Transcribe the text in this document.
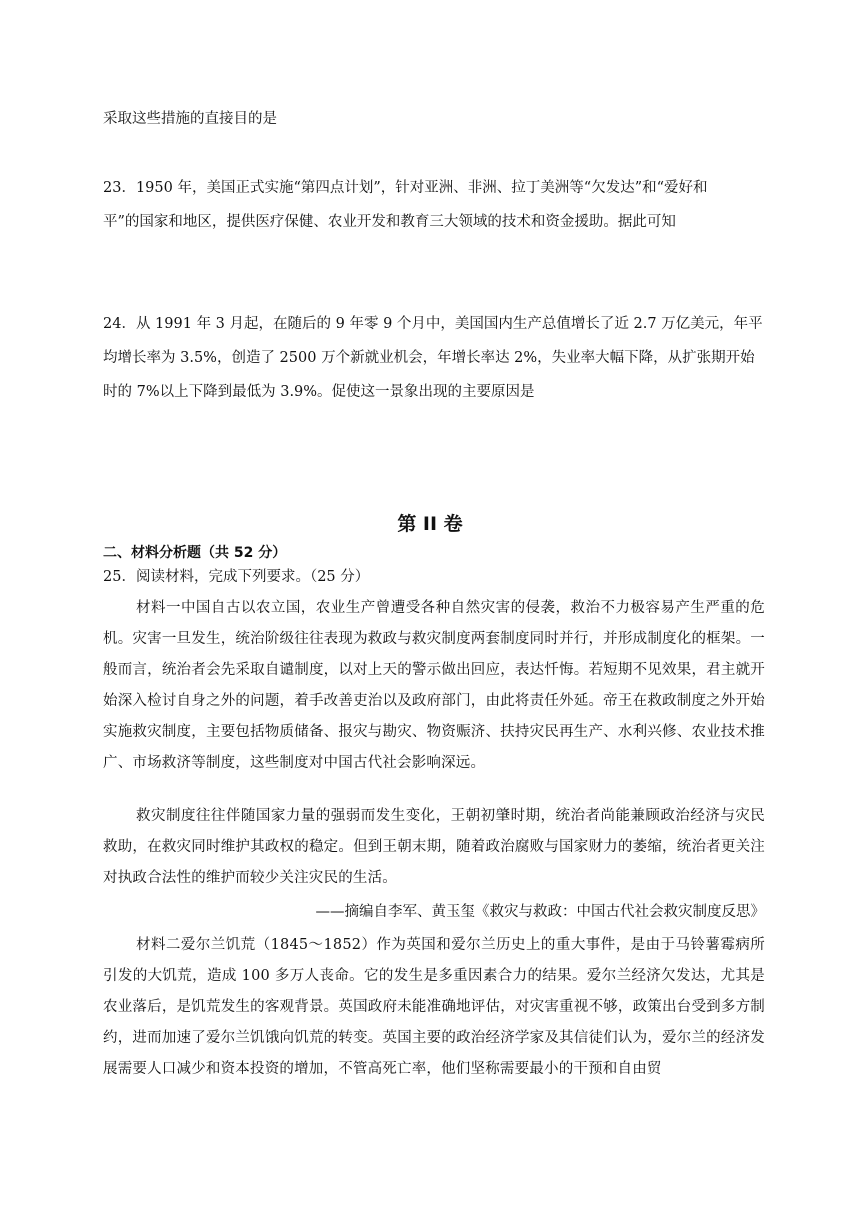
采取这些措施的直接目的是
23．1950 年，美国正式实施“第四点计划”，针对亚洲、非洲、拉丁美洲等“欠发达”和“爱好和
平”的国家和地区，提供医疗保健、农业开发和教育三大领域的技术和资金援助。据此可知
24．从 1991 年 3 月起，在随后的 9 年零 9 个月中，美国国内生产总值增长了近 2.7 万亿美元，年平
均增长率为 3.5%，创造了 2500 万个新就业机会，年增长率达 2%，失业率大幅下降，从扩张期开始
时的 7%以上下降到最低为 3.9%。促使这一景象出现的主要原因是
第 II 卷
二、材料分析题（共 52 分）
25．阅读材料，完成下列要求。（25 分）
材料一中国自古以农立国，农业生产曾遭受各种自然灾害的侵袭，救治不力极容易产生严重的危机。灾害一旦发生，统治阶级往往表现为救政与救灾制度两套制度同时并行，并形成制度化的框架。一般而言，统治者会先采取自谴制度，以对上天的警示做出回应，表达忏悔。若短期不见效果，君主就开始深入检讨自身之外的问题，着手改善吏治以及政府部门，由此将责任外延。帝王在救政制度之外开始实施救灾制度，主要包括物质储备、报灾与勘灾、物资赈济、扶持灾民再生产、水利兴修、农业技术推广、市场救济等制度，这些制度对中国古代社会影响深远。
救灾制度往往伴随国家力量的强弱而发生变化，王朝初肇时期，统治者尚能兼顾政治经济与灾民救助，在救灾同时维护其政权的稳定。但到王朝末期，随着政治腐败与国家财力的萎缩，统治者更关注对执政合法性的维护而较少关注灾民的生活。
——摘编自李军、黄玉玺《救灾与救政：中国古代社会救灾制度反思》
材料二爱尔兰饥荒（1845～1852）作为英国和爱尔兰历史上的重大事件，是由于马铃薯霉病所引发的大饥荒，造成 100 多万人丧命。它的发生是多重因素合力的结果。爱尔兰经济欠发达，尤其是农业落后，是饥荒发生的客观背景。英国政府未能准确地评估，对灾害重视不够，政策出台受到多方制约，进而加速了爱尔兰饥饿向饥荒的转变。英国主要的政治经济学家及其信徒们认为，爱尔兰的经济发展需要人口减少和资本投资的增加，不管高死亡率，他们坚称需要最小的干预和自由贸
